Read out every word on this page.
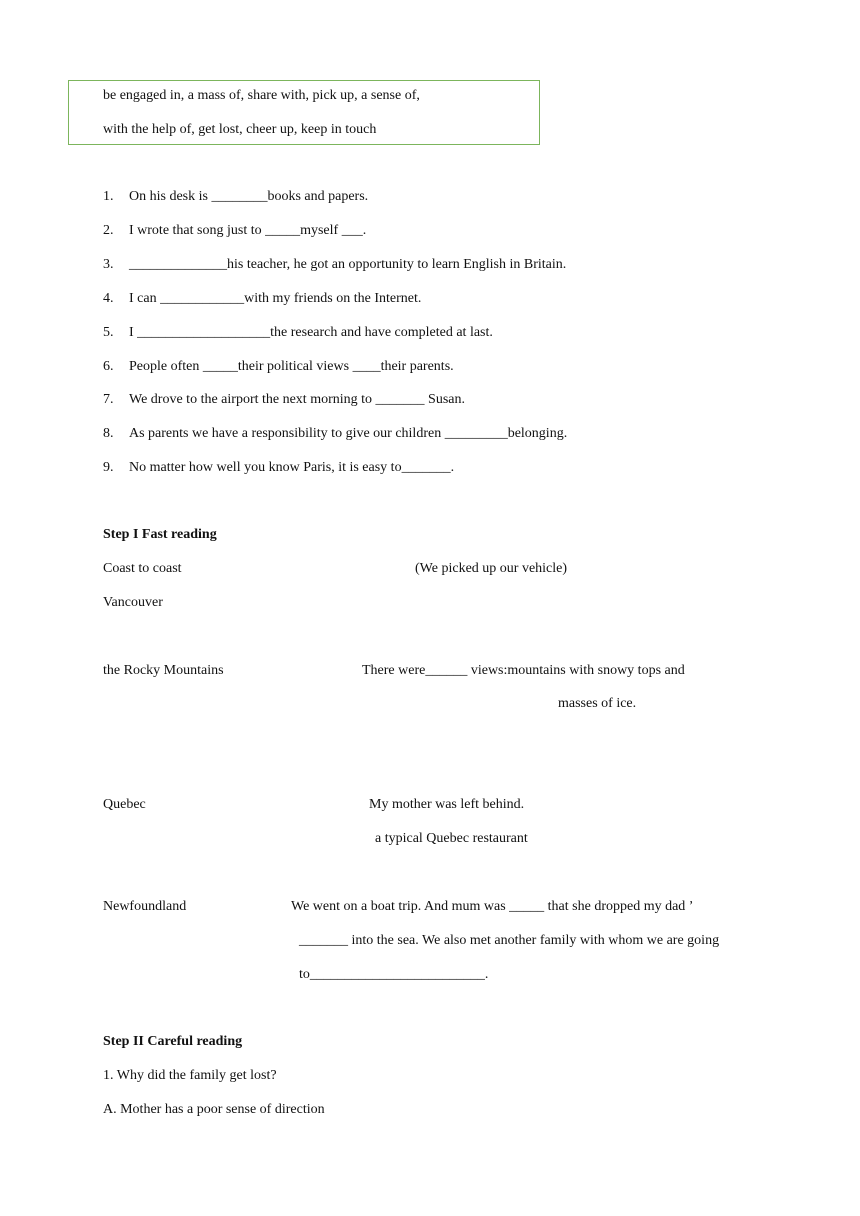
be engaged in, a mass of, share with, pick up, a sense of,
with the help of, get lost, cheer up, keep in touch
1.	On his desk is ________books and papers.
2.	I wrote that song just to _____myself ___.
3.	______________his teacher, he got an opportunity to learn English in Britain.
4.	I can ____________with my friends on the Internet.
5.	I ___________________the research and have completed at last.
6.	People often _____their political views ____their parents.
7.	We drove to the airport the next morning to _______ Susan.
8.	As parents we have a responsibility to give our children _________belonging.
9.	No matter how well you know Paris, it is easy to_______.
Step I Fast reading
Coast to coast	(We picked up our vehicle)
Vancouver
the Rocky Mountains	There were______ views:mountains with snowy tops and
masses of ice.
Quebec	My mother was left behind.
a typical Quebec restaurant
Newfoundland	We went on a boat trip. And mum was _____ that she dropped my dad ’
_______ into the sea. We also met another family with whom we are going
to_________________________.
Step II Careful reading
1. Why did the family get lost?
A. Mother has a poor sense of direction
